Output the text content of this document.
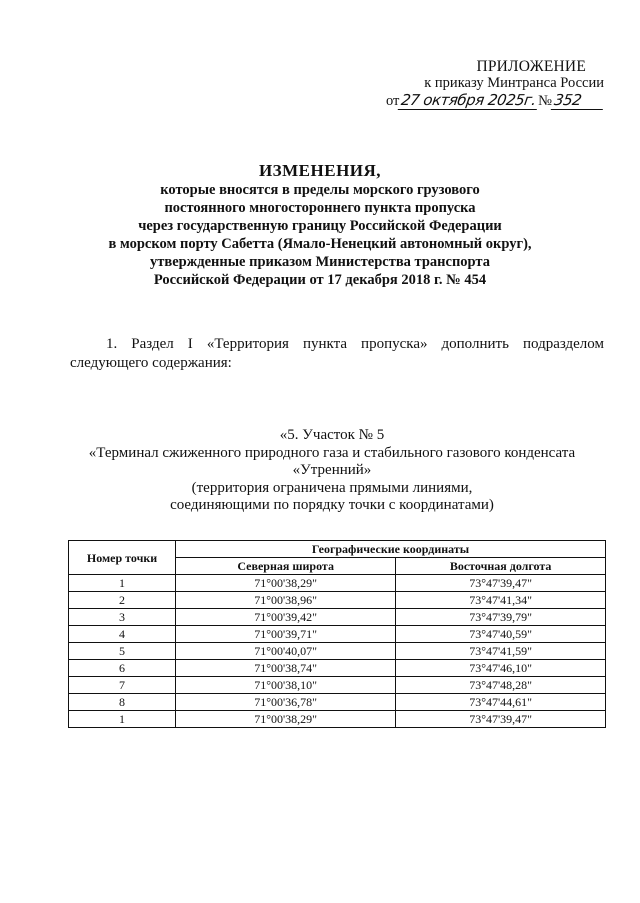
ПРИЛОЖЕНИЕ
к приказу Минтранса России
от 27 октября 2025г. № 352
ИЗМЕНЕНИЯ,
которые вносятся в пределы морского грузового
постоянного многостороннего пункта пропуска
через государственную границу Российской Федерации
в морском порту Сабетта (Ямало-Ненецкий автономный округ),
утвержденные приказом Министерства транспорта
Российской Федерации от 17 декабря 2018 г. № 454
1. Раздел I «Территория пункта пропуска» дополнить подразделом следующего содержания:
«5. Участок № 5
«Терминал сжиженного природного газа и стабильного газового конденсата
«Утренний»
(территория ограничена прямыми линиями,
соединяющими по порядку точки с координатами)
Номер точки	Географические координаты	
	Северная широта	Восточная долгота
1	71°00'38,29"	73°47'39,47"
2	71°00'38,96"	73°47'41,34"
3	71°00'39,42"	73°47'39,79"
4	71°00'39,71"	73°47'40,59"
5	71°00'40,07"	73°47'41,59"
6	71°00'38,74"	73°47'46,10"
7	71°00'38,10"	73°47'48,28"
8	71°00'36,78"	73°47'44,61"
1	71°00'38,29"	73°47'39,47"
